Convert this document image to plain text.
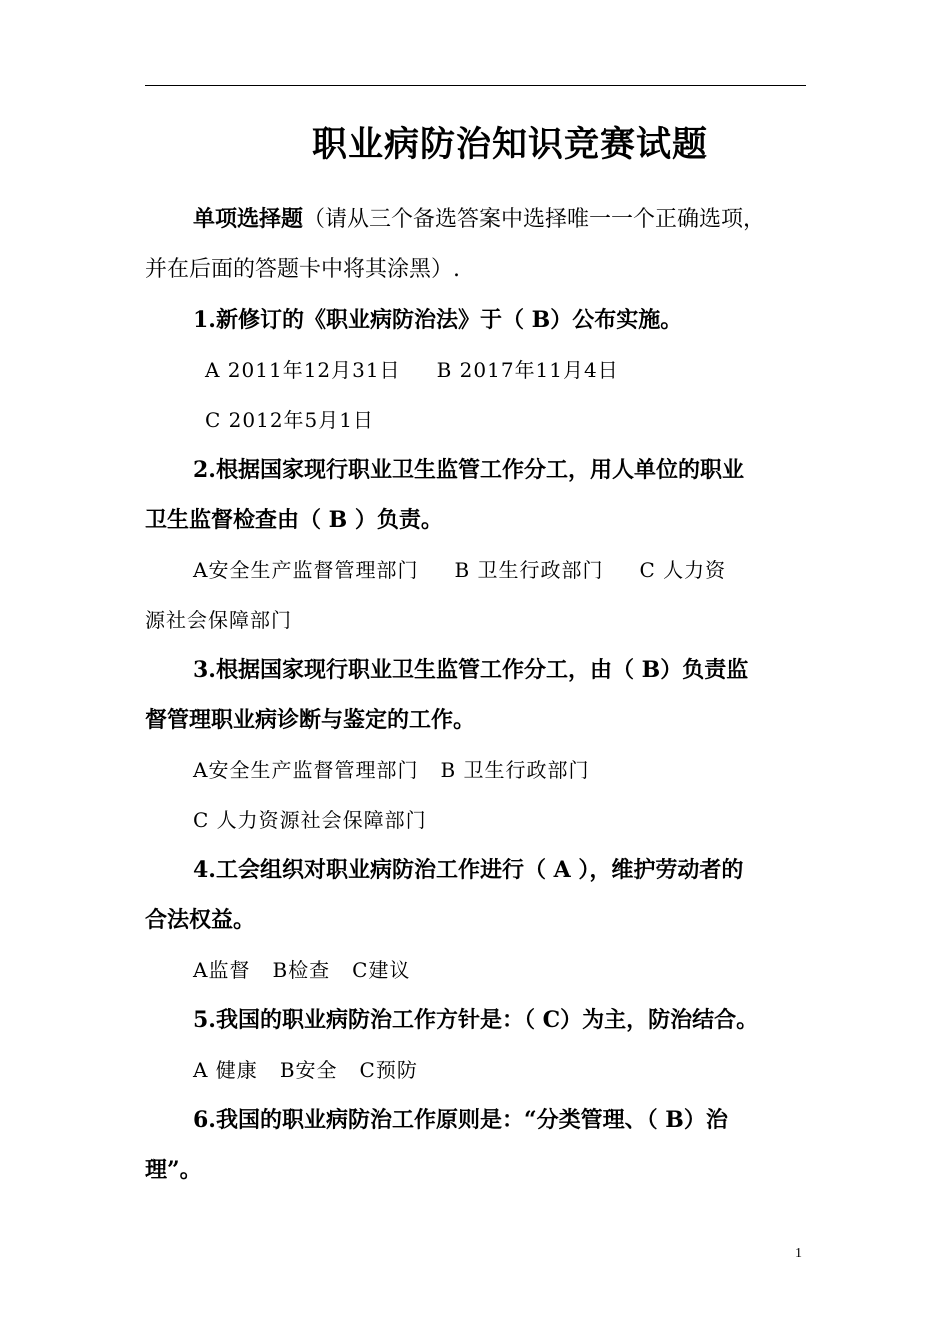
职业病防治知识竞赛试题
单项选择题（请从三个备选答案中选择唯一一个正确选项，
并在后面的答题卡中将其涂黑）.
1.新修订的《职业病防治法》于（ B）公布实施。
A 2011年12月31日 B 2017年11月4日
C 2012年5月1日
2.根据国家现行职业卫生监管工作分工，用人单位的职业
卫生监督检查由（ B ）负责。
A安全生产监督管理部门 B 卫生行政部门 C 人力资
源社会保障部门
3.根据国家现行职业卫生监管工作分工，由（ B）负责监
督管理职业病诊断与鉴定的工作。
A安全生产监督管理部门 B 卫生行政部门
C 人力资源社会保障部门
4.工会组织对职业病防治工作进行（ A ），维护劳动者的
合法权益。
A监督 B检查 C建议
5.我国的职业病防治工作方针是：（ C）为主，防治结合。
A 健康 B安全 C预防
6.我国的职业病防治工作原则是：“分类管理、（ B）治
理”。
1
